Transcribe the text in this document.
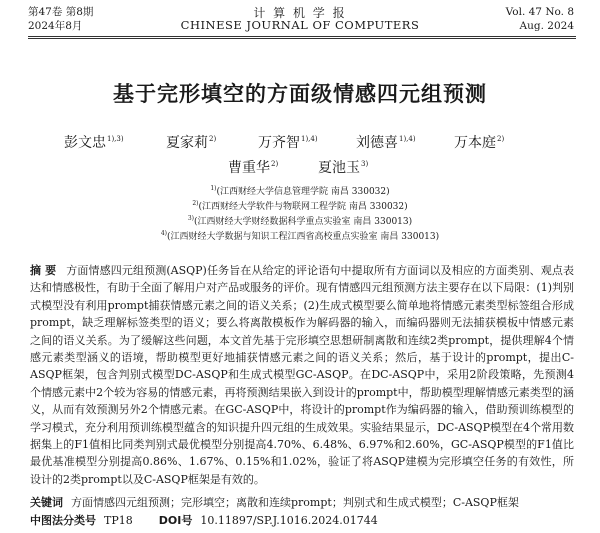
第47卷 第8期
2024年8月
计 算 机 学 报
CHINESE JOURNAL OF COMPUTERS
Vol. 47 No. 8
Aug. 2024
基于完形填空的方面级情感四元组预测
彭文忠$^{1),3)}$	夏家莉$^{2)}$	万齐智$^{1),4)}$	刘德喜$^{1),4)}$	万本庭$^{2)}$
曹重华$^{2)}$	夏池玉$^{3)}$
$^{1)}$(江西财经大学信息管理学院 南昌 330032)
$^{2)}$(江西财经大学软件与物联网工程学院 南昌 330032)
$^{3)}$(江西财经大学财经数据科学重点实验室 南昌 330013)
$^{4)}$(江西财经大学数据与知识工程江西省高校重点实验室 南昌 330013)
摘 要 方面情感四元组预测(ASQP)任务旨在从给定的评论语句中提取所有方面词以及相应的方面类别、观点表达和情感极性，有助于全面了解用户对产品或服务的评价。现有情感四元组预测方法主要存在以下局限：(1)判别式模型没有利用prompt捕获情感元素之间的语义关系；(2)生成式模型要么简单地将情感元素类型标签组合形成prompt，缺乏理解标签类型的语义；要么将离散模板作为解码器的输入，而编码器则无法捕获模板中情感元素之间的语义关系。为了缓解这些问题，本文首先基于完形填空思想研制离散和连续2类prompt，提供理解4个情感元素类型涵义的语境，帮助模型更好地捕获情感元素之间的语义关系；然后，基于设计的prompt，提出C-ASQP框架，包含判别式模型DC-ASQP和生成式模型GC-ASQP。在DC-ASQP中，采用2阶段策略，先预测4个情感元素中2个较为容易的情感元素，再将预测结果嵌入到设计的prompt中，帮助模型理解情感元素类型的涵义，从而有效预测另外2个情感元素。在GC-ASQP中，将设计的prompt作为编码器的输入，借助预训练模型的学习模式，充分利用预训练模型蕴含的知识提升四元组的生成效果。实验结果显示，DC-ASQP模型在4个常用数据集上的F1值相比同类判别式最优模型分别提高4.70%、6.48%、6.97%和2.60%，GC-ASQP模型的F1值比最优基准模型分别提高0.86%、1.67%、0.15%和1.02%，验证了将ASQP建模为完形填空任务的有效性，所设计的2类prompt以及C-ASQP框架是有效的。
关键词 方面情感四元组预测；完形填空；离散和连续prompt；判别式和生成式模型；C-ASQP框架
中图法分类号 TP18 DOI号 10.11897/SP.J.1016.2024.01744
